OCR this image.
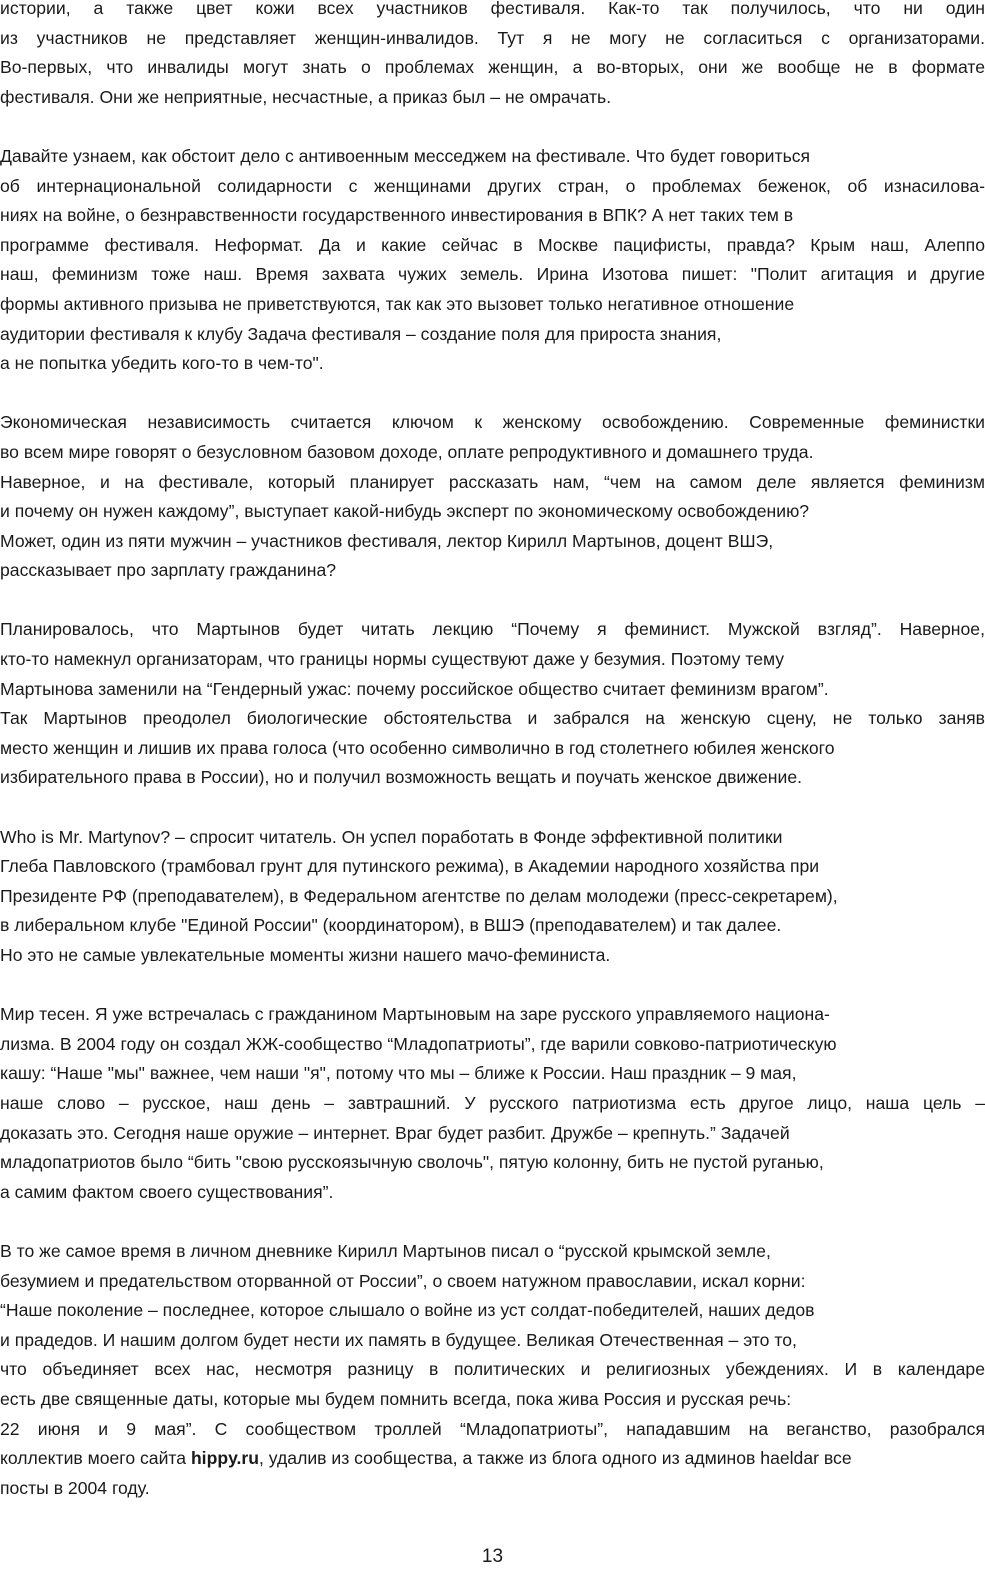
истории, а также цвет кожи всех участников фестиваля. Как-то так получилось, что ни один
из участников не представляет женщин-инвалидов. Тут я не могу не согласиться с организаторами.
Во-первых, что инвалиды могут знать о проблемах женщин, а во-вторых, они же вообще не в формате
фестиваля. Они же неприятные, несчастные, а приказ был – не омрачать.
Давайте узнаем, как обстоит дело с антивоенным месседжем на фестивале. Что будет говориться
об интернациональной солидарности с женщинами других стран, о проблемах беженок, об изнасилова-
ниях на войне, о безнравственности государственного инвестирования в ВПК? А нет таких тем в
программе фестиваля. Неформат. Да и какие сейчас в Москве пацифисты, правда? Крым наш, Алеппо
наш, феминизм тоже наш. Время захвата чужих земель. Ирина Изотова пишет: "Полит агитация и другие
формы активного призыва не приветствуются, так как это вызовет только негативное отношение
аудитории фестиваля к клубу Задача фестиваля – создание поля для прироста знания,
а не попытка убедить кого-то в чем-то".
Экономическая независимость считается ключом к женскому освобождению. Современные феминистки
во всем мире говорят о безусловном базовом доходе, оплате репродуктивного и домашнего труда.
Наверное, и на фестивале, который планирует рассказать нам, “чем на самом деле является феминизм
и почему он нужен каждому”, выступает какой-нибудь эксперт по экономическому освобождению?
Может, один из пяти мужчин – участников фестиваля, лектор Кирилл Мартынов, доцент ВШЭ,
рассказывает про зарплату гражданина?
Планировалось, что Мартынов будет читать лекцию “Почему я феминист. Мужской взгляд”. Наверное,
кто-то намекнул организаторам, что границы нормы существуют даже у безумия. Поэтому тему
Мартынова заменили на “Гендерный ужас: почему российское общество считает феминизм врагом”.
Так Мартынов преодолел биологические обстоятельства и забрался на женскую сцену, не только заняв
место женщин и лишив их права голоса (что особенно символично в год столетнего юбилея женского
избирательного права в России), но и получил возможность вещать и поучать женское движение.
Who is Mr. Martynov? – спросит читатель. Он успел поработать в Фонде эффективной политики
Глеба Павловского (трамбовал грунт для путинского режима), в Академии народного хозяйства при
Президенте РФ (преподавателем), в Федеральном агентстве по делам молодежи (пресс-секретарем),
в либеральном клубе "Единой России" (координатором), в ВШЭ (преподавателем) и так далее.
Но это не самые увлекательные моменты жизни нашего мачо-феминиста.
Мир тесен. Я уже встречалась с гражданином Мартыновым на заре русского управляемого национа-
лизма. В 2004 году он создал ЖЖ-сообщество “Младопатриоты”, где варили совково-патриотическую
кашу: “Наше "мы" важнее, чем наши "я", потому что мы – ближе к России. Наш праздник – 9 мая,
наше слово – русское, наш день – завтрашний. У русского патриотизма есть другое лицо, наша цель –
доказать это. Сегодня наше оружие – интернет. Враг будет разбит. Дружбе – крепнуть.” Задачей
младопатриотов было “бить "свою русскоязычную сволочь", пятую колонну, бить не пустой руганью,
а самим фактом своего существования”.
В то же самое время в личном дневнике Кирилл Мартынов писал о “русской крымской земле,
безумием и предательством оторванной от России”, о своем натужном православии, искал корни:
“Наше поколение – последнее, которое слышало о войне из уст солдат-победителей, наших дедов
и прадедов. И нашим долгом будет нести их память в будущее. Великая Отечественная – это то,
что объединяет всех нас, несмотря разницу в политических и религиозных убеждениях. И в календаре
есть две священные даты, которые мы будем помнить всегда, пока жива Россия и русская речь:
22 июня и 9 мая”. С сообществом троллей “Младопатриоты”, нападавшим на веганство, разобрался
коллектив моего сайта hippy.ru, удалив из сообщества, а также из блога одного из админов haeldar все
посты в 2004 году.
13
